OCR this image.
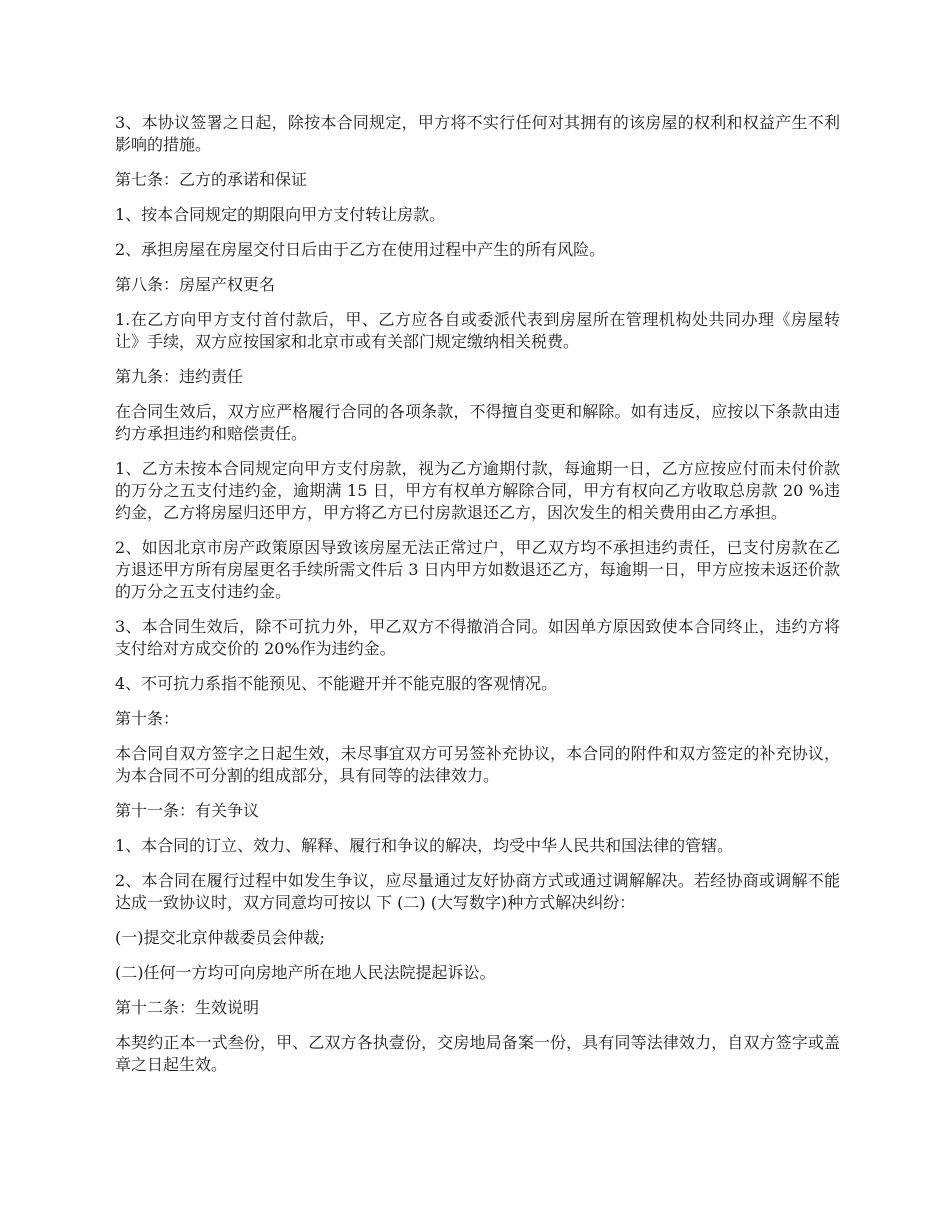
3、本协议签署之日起，除按本合同规定，甲方将不实行任何对其拥有的该房屋的权利和权益产生不利影响的措施。

第七条：乙方的承诺和保证

1、按本合同规定的期限向甲方支付转让房款。

2、承担房屋在房屋交付日后由于乙方在使用过程中产生的所有风险。

第八条：房屋产权更名

1.在乙方向甲方支付首付款后，甲、乙方应各自或委派代表到房屋所在管理机构处共同办理《房屋转让》手续，双方应按国家和北京市或有关部门规定缴纳相关税费。

第九条：违约责任

在合同生效后，双方应严格履行合同的各项条款，不得擅自变更和解除。如有违反，应按以下条款由违约方承担违约和赔偿责任。

1、乙方未按本合同规定向甲方支付房款，视为乙方逾期付款，每逾期一日，乙方应按应付而未付价款的万分之五支付违约金，逾期满 15 日，甲方有权单方解除合同，甲方有权向乙方收取总房款 20 %违约金，乙方将房屋归还甲方，甲方将乙方已付房款退还乙方，因次发生的相关费用由乙方承担。

2、如因北京市房产政策原因导致该房屋无法正常过户，甲乙双方均不承担违约责任，已支付房款在乙方退还甲方所有房屋更名手续所需文件后 3 日内甲方如数退还乙方，每逾期一日，甲方应按未返还价款的万分之五支付违约金。

3、本合同生效后，除不可抗力外，甲乙双方不得撤消合同。如因单方原因致使本合同终止，违约方将支付给对方成交价的 20%作为违约金。

4、不可抗力系指不能预见、不能避开并不能克服的客观情况。

第十条：

本合同自双方签字之日起生效，未尽事宜双方可另签补充协议，本合同的附件和双方签定的补充协议，为本合同不可分割的组成部分，具有同等的法律效力。

第十一条：有关争议

1、本合同的订立、效力、解释、履行和争议的解决，均受中华人民共和国法律的管辖。

2、本合同在履行过程中如发生争议，应尽量通过友好协商方式或通过调解解决。若经协商或调解不能达成一致协议时，双方同意均可按以 下 (二) (大写数字)种方式解决纠纷：

(一)提交北京仲裁委员会仲裁;

(二)任何一方均可向房地产所在地人民法院提起诉讼。

第十二条：生效说明

本契约正本一式叁份，甲、乙双方各执壹份，交房地局备案一份，具有同等法律效力，自双方签字或盖章之日起生效。
